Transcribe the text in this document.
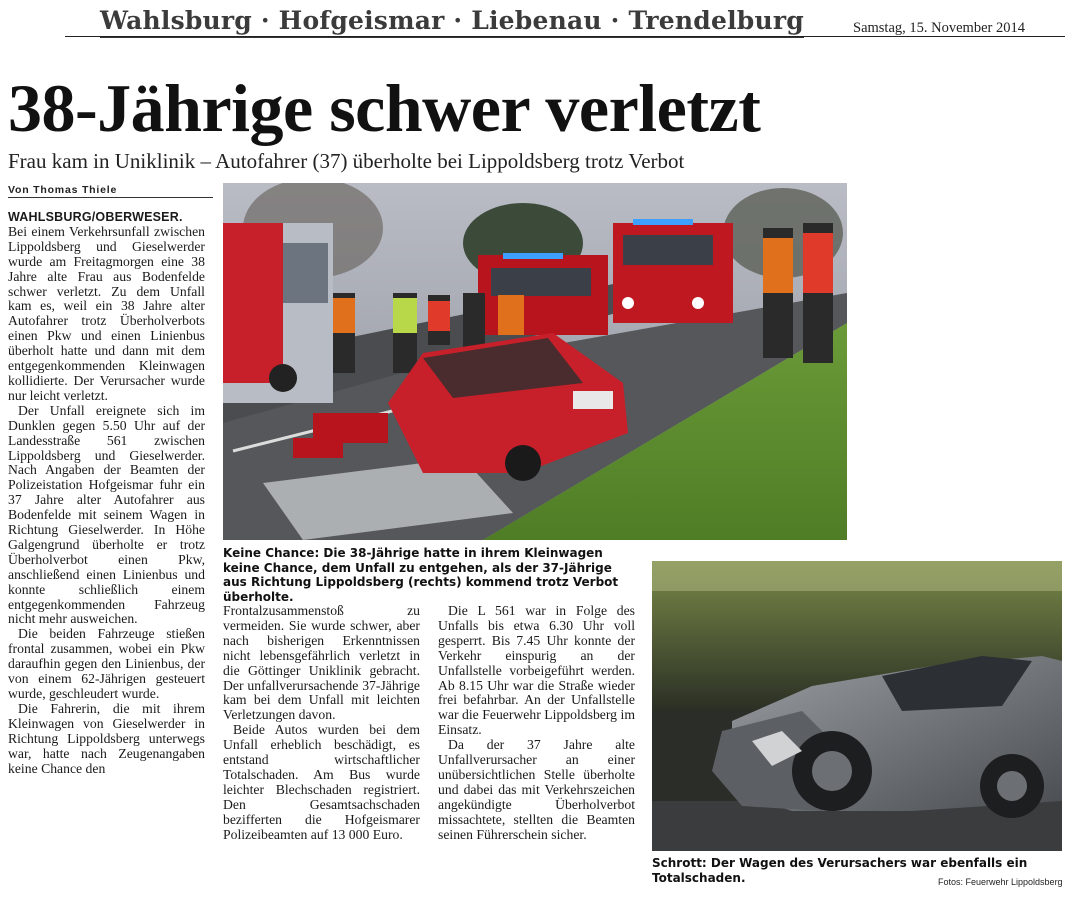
Wahlsburg · Hofgeismar · Liebenau · Trendelburg	Samstag, 15. November 2014
38-Jährige schwer verletzt
Frau kam in Uniklinik – Autofahrer (37) überholte bei Lippoldsberg trotz Verbot
Von Thomas Thiele
WAHLSBURG/OBERWESER.

Bei einem Verkehrsunfall zwischen Lippoldsberg und Gieselwerder wurde am Freitagmorgen eine 38 Jahre alte Frau aus Bodenfelde schwer verletzt. Zu dem Unfall kam es, weil ein 38 Jahre alter Autofahrer trotz Überholverbots einen Pkw und einen Linienbus überholt hatte und dann mit dem entgegenkommenden Kleinwagen kollidierte. Der Verursacher wurde nur leicht verletzt.

Der Unfall ereignete sich im Dunklen gegen 5.50 Uhr auf der Landesstraße 561 zwischen Lippoldsberg und Gieselwerder. Nach Angaben der Beamten der Polizeistation Hofgeismar fuhr ein 37 Jahre alter Autofahrer aus Bodenfelde mit seinem Wagen in Richtung Gieselwerder. In Höhe Galgengrund überholte er trotz Überholverbot einen Pkw, anschließend einen Linienbus und konnte schließlich einem entgegenkommenden Fahrzeug nicht mehr ausweichen.

Die beiden Fahrzeuge stießen frontal zusammen, wobei ein Pkw daraufhin gegen den Linienbus, der von einem 62-Jährigen gesteuert wurde, geschleudert wurde.

Die Fahrerin, die mit ihrem Kleinwagen von Gieselwerder in Richtung Lippoldsberg unterwegs war, hatte nach Zeugenangaben keine Chance den

Keine Chance: Die 38-Jährige hatte in ihrem Kleinwagen keine Chance, dem Unfall zu entgehen, als der 37-Jährige aus Richtung Lippoldsberg (rechts) kommend trotz Verbot überholte.

Frontalzusammenstoß zu vermeiden. Sie wurde schwer, aber nach bisherigen Erkenntnissen nicht lebensgefährlich verletzt in die Göttinger Uniklinik gebracht. Der unfallverursachende 37-Jährige kam bei dem Unfall mit leichten Verletzungen davon.

Beide Autos wurden bei dem Unfall erheblich beschädigt, es entstand wirtschaftlicher Totalschaden. Am Bus wurde leichter Blechschaden registriert. Den Gesamtsachschaden bezifferten die Hofgeismarer Polizeibeamten auf 13 000 Euro.

Die L 561 war in Folge des Unfalls bis etwa 6.30 Uhr voll gesperrt. Bis 7.45 Uhr konnte der Verkehr einspurig an der Unfallstelle vorbeigeführt werden. Ab 8.15 Uhr war die Straße wieder frei befahrbar. An der Unfallstelle war die Feuerwehr Lippoldsberg im Einsatz.

Da der 37 Jahre alte Unfallverursacher an einer unübersichtlichen Stelle überholte und dabei das mit Verkehrszeichen angekündigte Überholverbot missachtete, stellten die Beamten seinen Führerschein sicher.

Schrott: Der Wagen des Verursachers war ebenfalls ein Totalschaden.	Fotos: Feuerwehr Lippoldsberg
